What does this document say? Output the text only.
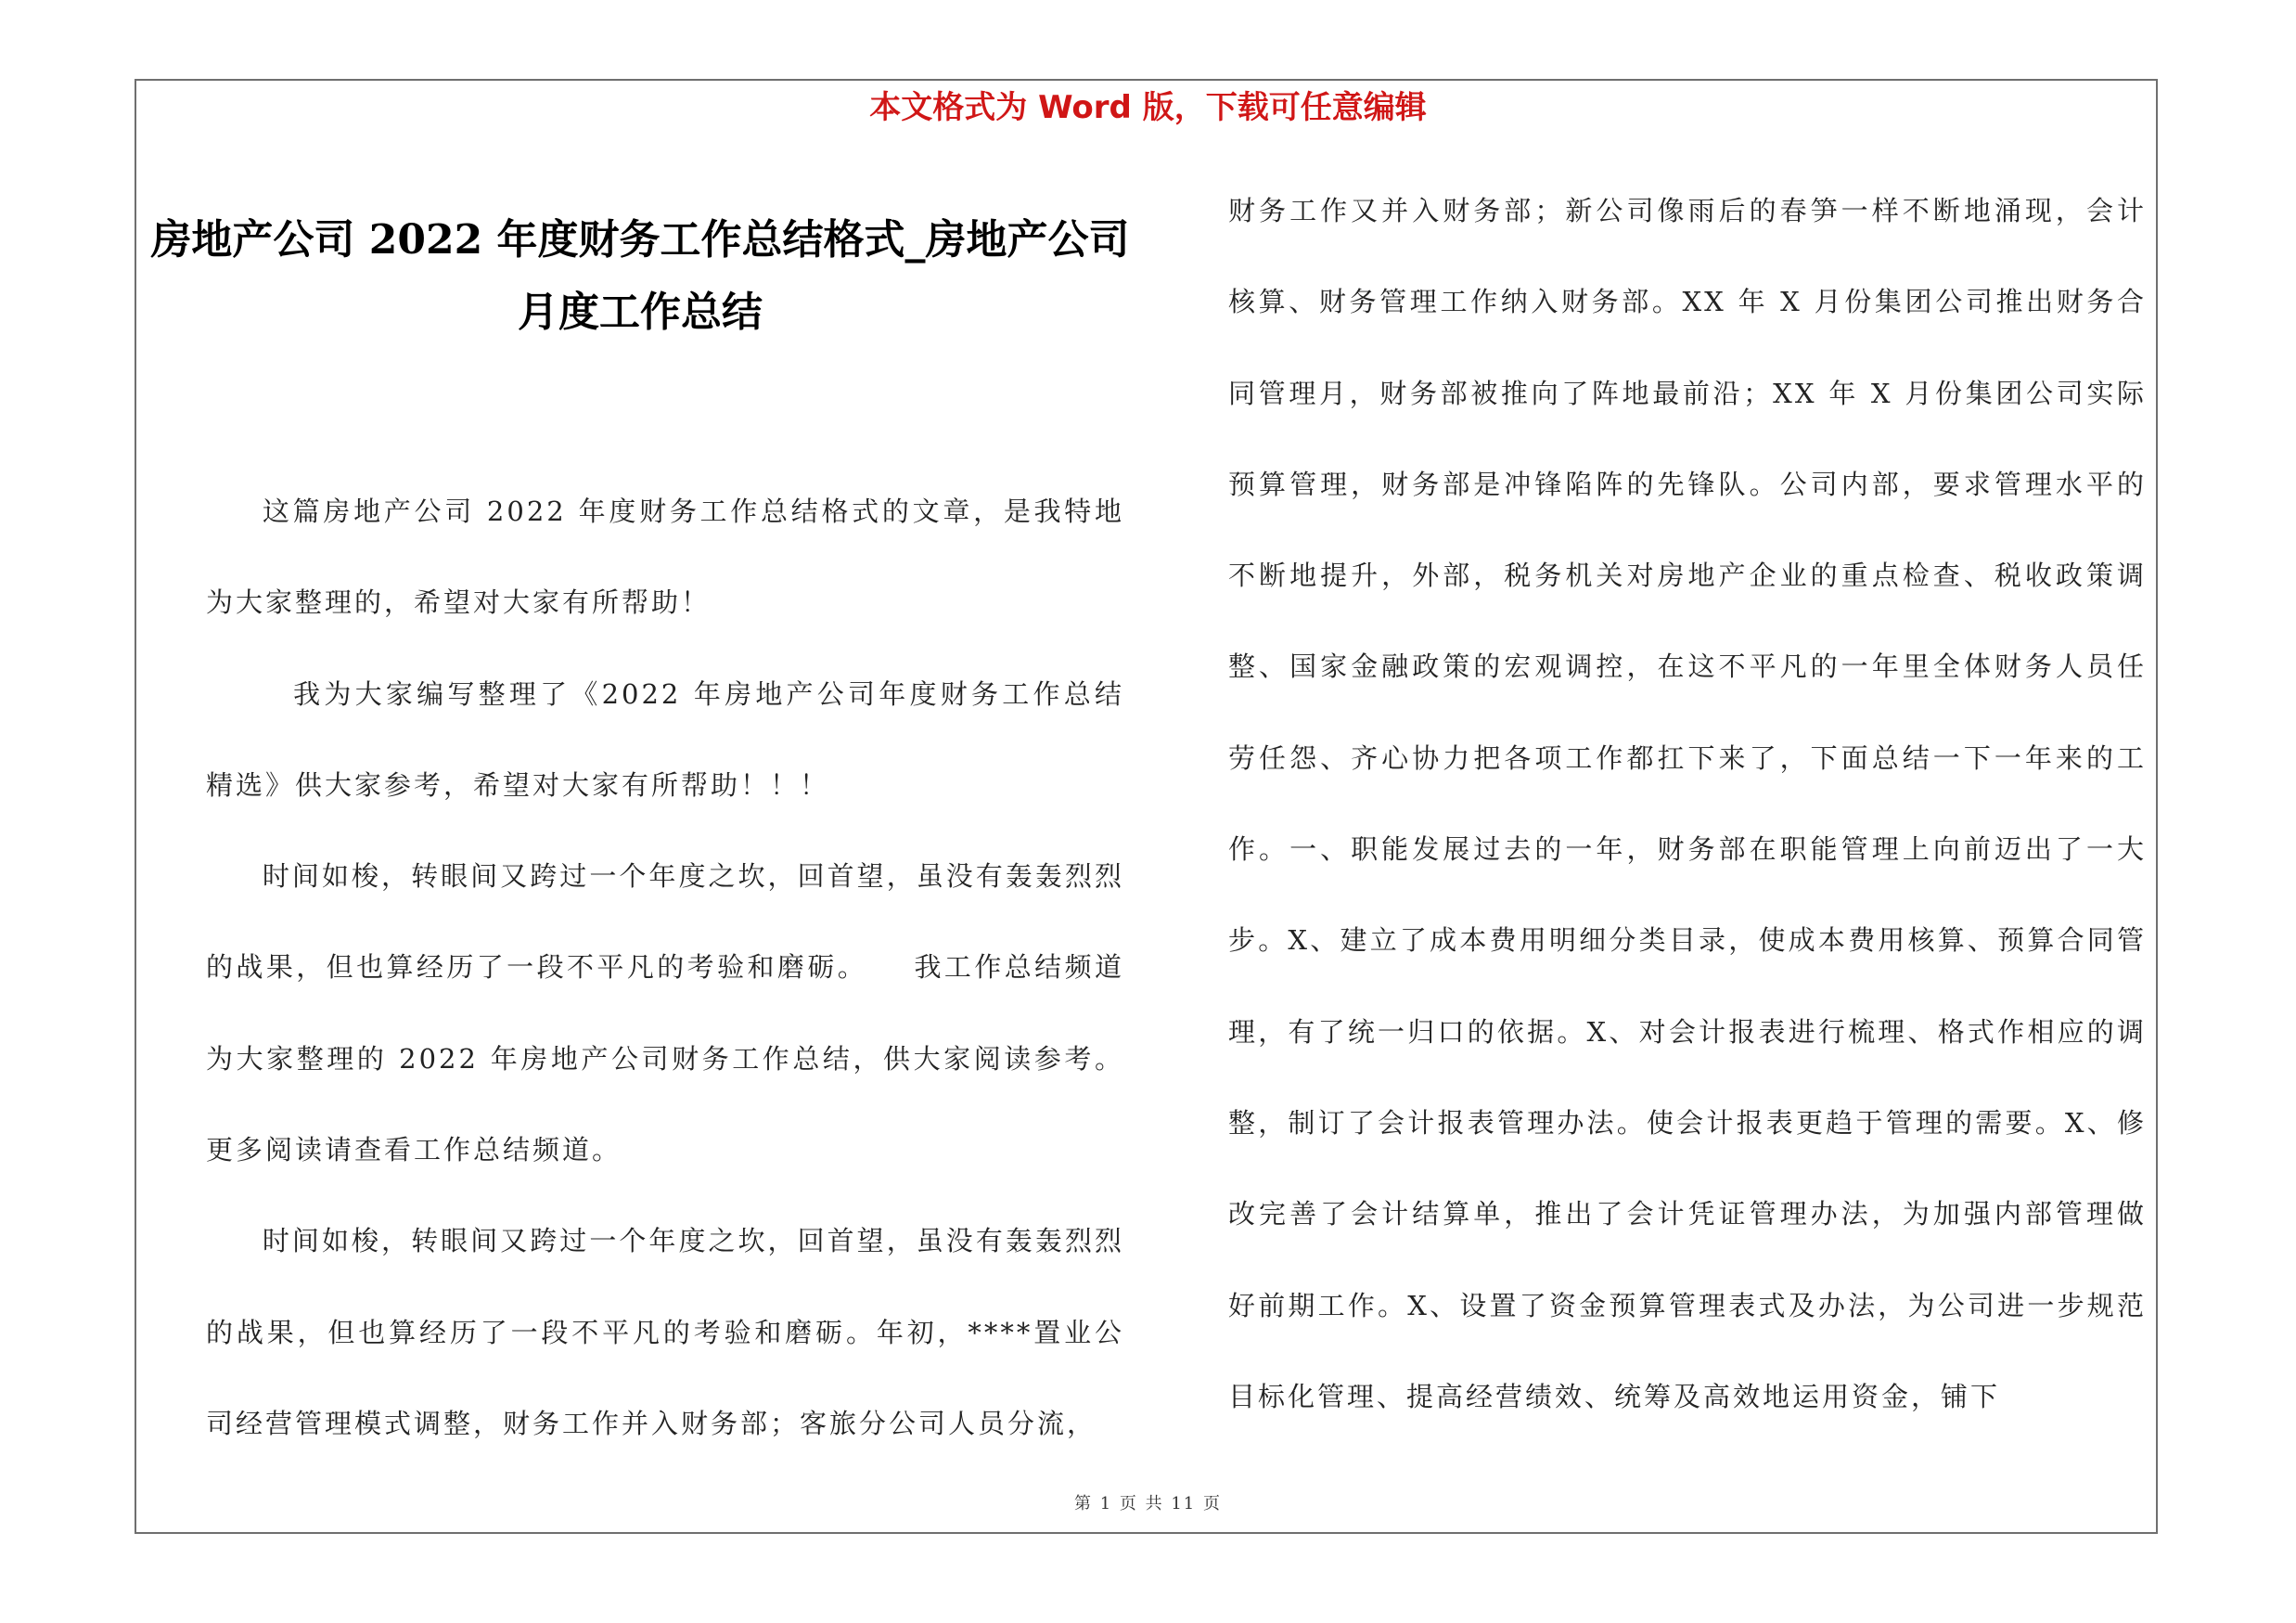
本文格式为 Word 版，下载可任意编辑
房地产公司 2022 年度财务工作总结格式_房地产公司月度工作总结

这篇房地产公司 2022 年度财务工作总结格式的文章，是我特地为大家整理的，希望对大家有所帮助！

　我为大家编写整理了《2022 年房地产公司年度财务工作总结精选》供大家参考，希望对大家有所帮助！！！

时间如梭，转眼间又跨过一个年度之坎，回首望，虽没有轰轰烈烈的战果，但也算经历了一段不平凡的考验和磨砺。　　我工作总结频道为大家整理的 2022 年房地产公司财务工作总结，供大家阅读参考。更多阅读请查看工作总结频道。

时间如梭，转眼间又跨过一个年度之坎，回首望，虽没有轰轰烈烈的战果，但也算经历了一段不平凡的考验和磨砺。年初，****置业公司经营管理模式调整，财务工作并入财务部；客旅分公司人员分流，

财务工作又并入财务部；新公司像雨后的春笋一样不断地涌现，会计核算、财务管理工作纳入财务部。XX 年 X 月份集团公司推出财务合同管理月，财务部被推向了阵地最前沿；XX 年 X 月份集团公司实际预算管理，财务部是冲锋陷阵的先锋队。公司内部，要求管理水平的不断地提升，外部，税务机关对房地产企业的重点检查、税收政策调整、国家金融政策的宏观调控，在这不平凡的一年里全体财务人员任劳任怨、齐心协力把各项工作都扛下来了，下面总结一下一年来的工作。一、职能发展过去的一年，财务部在职能管理上向前迈出了一大步。X、建立了成本费用明细分类目录，使成本费用核算、预算合同管理，有了统一归口的依据。X、对会计报表进行梳理、格式作相应的调整，制订了会计报表管理办法。使会计报表更趋于管理的需要。X、修改完善了会计结算单，推出了会计凭证管理办法，为加强内部管理做好前期工作。X、设置了资金预算管理表式及办法，为公司进一步规范目标化管理、提高经营绩效、统筹及高效地运用资金，铺下

第 1 页 共 11 页
